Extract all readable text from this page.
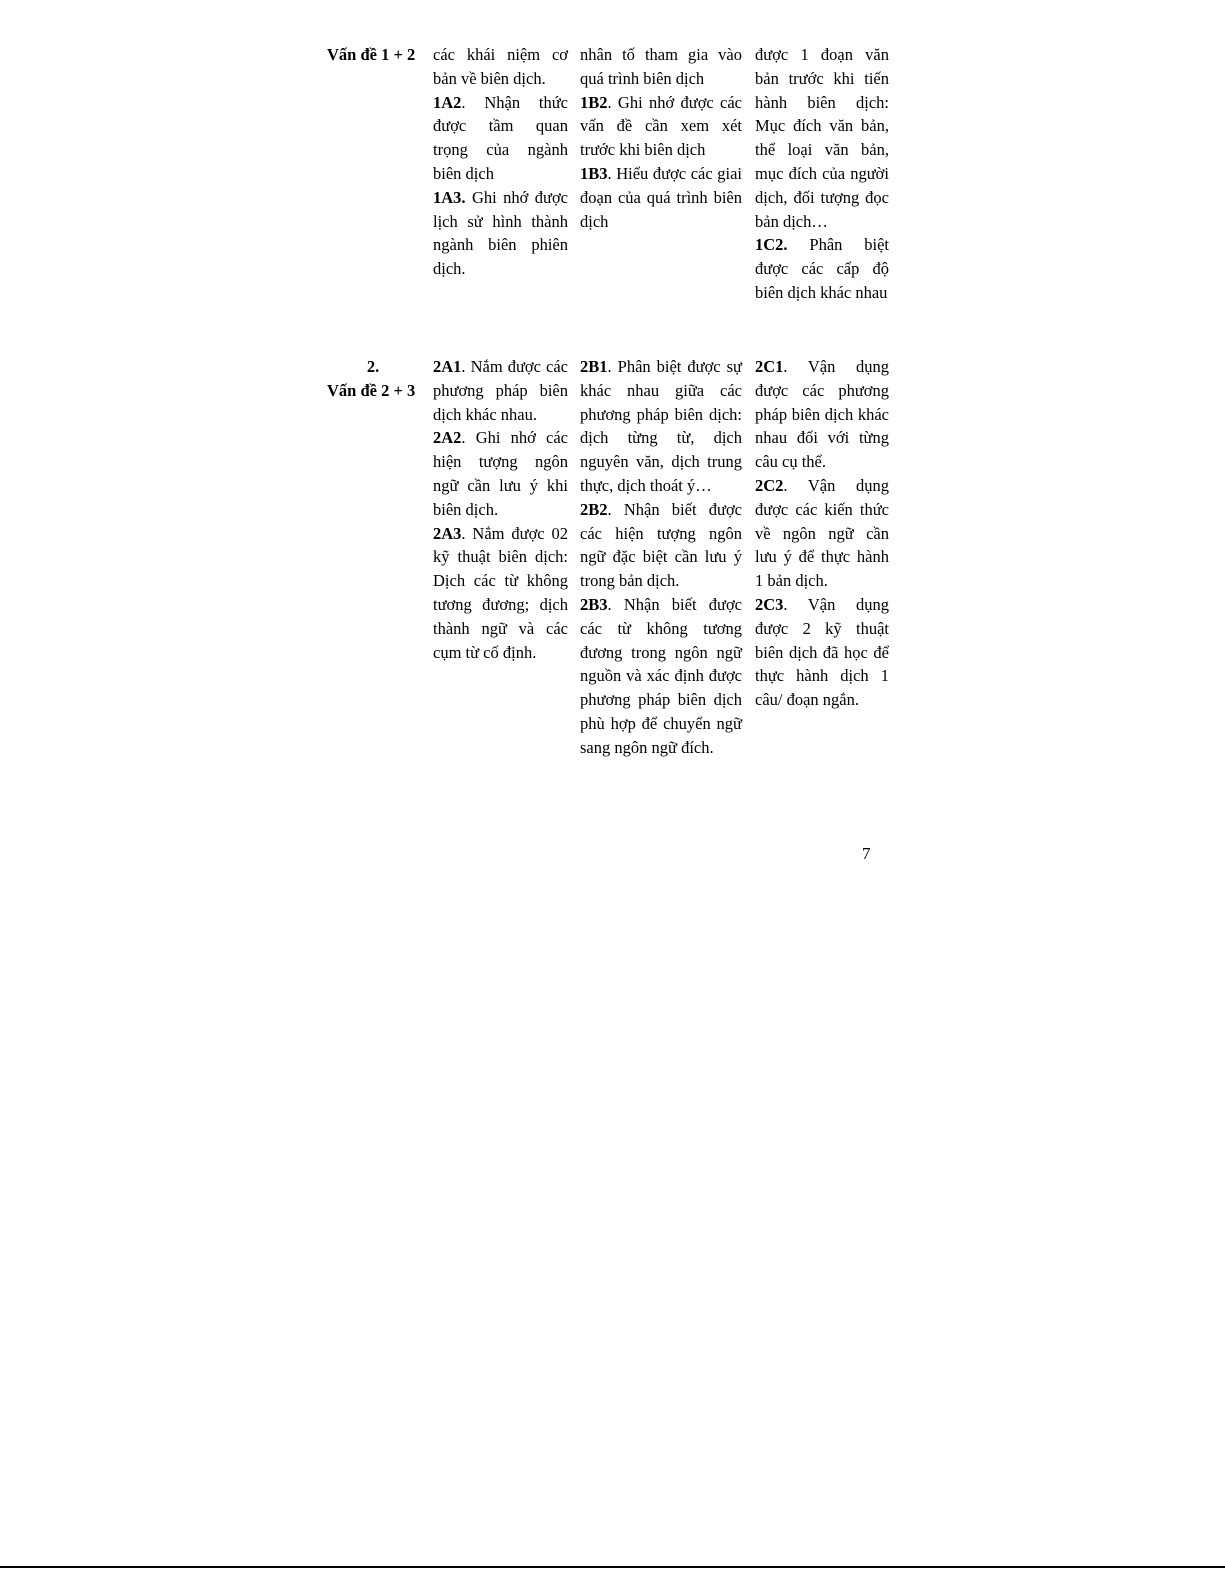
Vấn đề 1 + 2	các khái niệm cơ bản về biên dịch.

1A2. Nhận thức được tầm quan trọng của ngành biên dịch

1A3. Ghi nhớ được lịch sử hình thành ngành biên phiên dịch.

nhân tố tham gia vào quá trình biên dịch

1B2. Ghi nhớ được các vấn đề cần xem xét trước khi biên dịch

1B3. Hiểu được các giai đoạn của quá trình biên dịch

được 1 đoạn văn bản trước khi tiến hành biên dịch: Mục đích văn bản, thể loại văn bản, mục đích của người dịch, đối tượng đọc bản dịch…

1C2. Phân biệt được các cấp độ biên dịch khác nhau

2.
Vấn đề 2 + 3

2A1. Nắm được các phương pháp biên dịch khác nhau.

2A2. Ghi nhớ các hiện tượng ngôn ngữ cần lưu ý khi biên dịch.

2A3. Nắm được 02 kỹ thuật biên dịch: Dịch các từ không tương đương; dịch thành ngữ và các cụm từ cố định.

2B1. Phân biệt được sự khác nhau giữa các phương pháp biên dịch: dịch từng từ, dịch nguyên văn, dịch trung thực, dịch thoát ý…

2B2. Nhận biết được các hiện tượng ngôn ngữ đặc biệt cần lưu ý trong bản dịch.

2B3. Nhận biết được các từ không tương đương trong ngôn ngữ nguồn và xác định được phương pháp biên dịch phù hợp để chuyển ngữ sang ngôn ngữ đích.

2C1. Vận dụng được các phương pháp biên dịch khác nhau đối với từng câu cụ thể.

2C2. Vận dụng được các kiến thức về ngôn ngữ cần lưu ý để thực hành 1 bản dịch.

2C3. Vận dụng được 2 kỹ thuật biên dịch đã học để thực hành dịch 1 câu/ đoạn ngắn.

7
